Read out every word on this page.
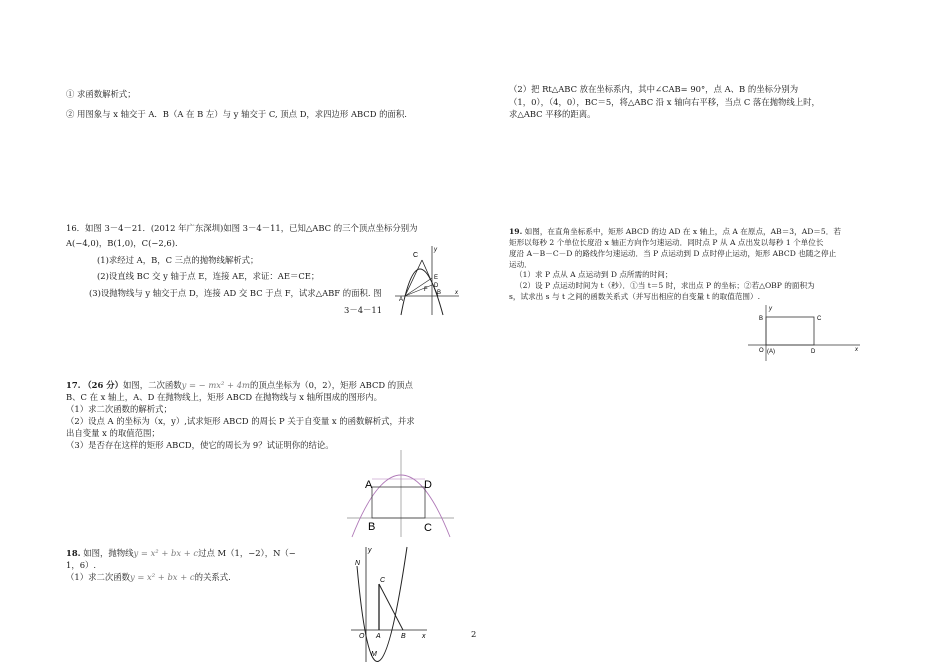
① 求函数解析式；
② 用图象与 x 轴交于 A．B（A 在 B 左）与 y 轴交于 C, 顶点 D，求四边形 ABCD 的面积.
16．如图 3－4－21．(2012 年广东深圳)如图 3－4－11，已知△ABC 的三个顶点坐标分别为
A(−4,0)，B(1,0)，C(−2,6).
(1)求经过 A，B，C 三点的抛物线解析式；
(2)设直线 BC 交 y 轴于点 E，连接 AE，求证：AE＝CE；
(3)设抛物线与 y 轴交于点 D，连接 AD 交 BC 于点 F，试求△ABF 的面积. 图
3－4－11
C
A
B
E
D
F
y
x
17. （26 分）如图，二次函数y = − mx² + 4m的顶点坐标为（0，2），矩形 ABCD 的顶点
B、C 在 x 轴上，A、D 在抛物线上，矩形 ABCD 在抛物线与 x 轴所围成的图形内。
（1）求二次函数的解析式；
（2）设点 A 的坐标为（x，y）,试求矩形 ABCD 的周长 P 关于自变量 x 的函数解析式，并求
出自变量 x 的取值范围；
（3）是否存在这样的矩形 ABCD，使它的周长为 9？试证明你的结论。
A	D
B	C
18. 如图，抛物线y = x² + bx + c过点 M（1，−2），N（−
1，6）.
（1）求二次函数y = x² + bx + c的关系式.
N
y
C
O A	B x
M
2
（2）把 Rt△ABC 放在坐标系内，其中∠CAB= 90°，点 A、B 的坐标分别为
（1，0），（4，0），BC＝5，将△ABC 沿 x 轴向右平移，当点 C 落在抛物线上时，
求△ABC 平移的距离。
19. 如图，在直角坐标系中，矩形 ABCD 的边 AD 在 x 轴上，点 A 在原点，AB＝3，AD＝5．若
矩形以每秒 2 个单位长度沿 x 轴正方向作匀速运动．同时点 P 从 A 点出发以每秒 1 个单位长
度沿 A－B－C－D 的路线作匀速运动．当 P 点运动到 D 点时停止运动，矩形 ABCD 也随之停止
运动．
（1）求 P 点从 A 点运动到 D 点所需的时间；
（2）设 P 点运动时间为 t（秒）．①当 t＝5 时，求出点 P 的坐标；②若△OBP 的面积为
s，试求出 s 与 t 之间的函数关系式（并写出相应的自变量 t 的取值范围）.
y
B	C
O (A)	D	x
